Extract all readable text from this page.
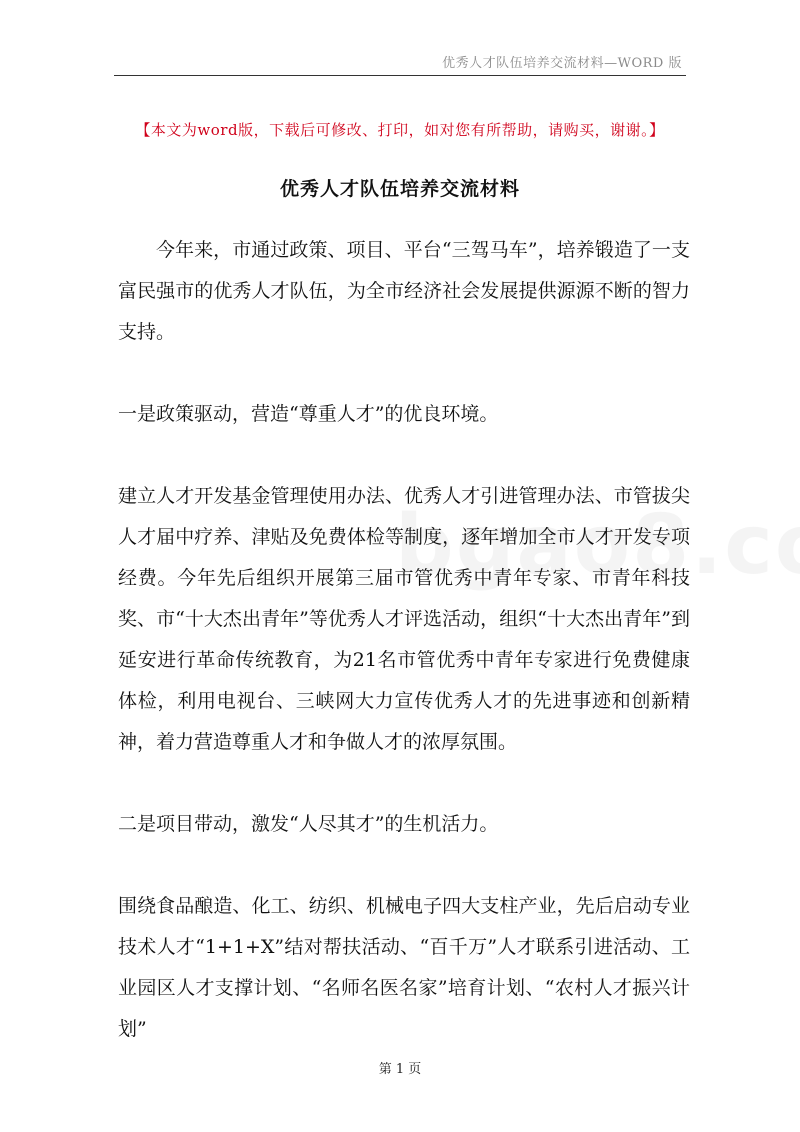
优秀人才队伍培养交流材料—WORD 版
【本文为word版，下载后可修改、打印，如对您有所帮助，请购买，谢谢。】
优秀人才队伍培养交流材料

今年来，市通过政策、项目、平台“三驾马车”，培养锻造了一支富民强市的优秀人才队伍，为全市经济社会发展提供源源不断的智力支持。

一是政策驱动，营造“尊重人才”的优良环境。

建立人才开发基金管理使用办法、优秀人才引进管理办法、市管拔尖人才届中疗养、津贴及免费体检等制度，逐年增加全市人才开发专项经费。今年先后组织开展第三届市管优秀中青年专家、市青年科技奖、市“十大杰出青年”等优秀人才评选活动，组织“十大杰出青年”到延安进行革命传统教育，为21名市管优秀中青年专家进行免费健康体检，利用电视台、三峡网大力宣传优秀人才的先进事迹和创新精神，着力营造尊重人才和争做人才的浓厚氛围。

二是项目带动，激发“人尽其才”的生机活力。

围绕食品酿造、化工、纺织、机械电子四大支柱产业，先后启动专业技术人才“1+1+X”结对帮扶活动、“百千万”人才联系引进活动、工业园区人才支撑计划、“名师名医名家”培育计划、“农村人才振兴计划”

第 1 页
